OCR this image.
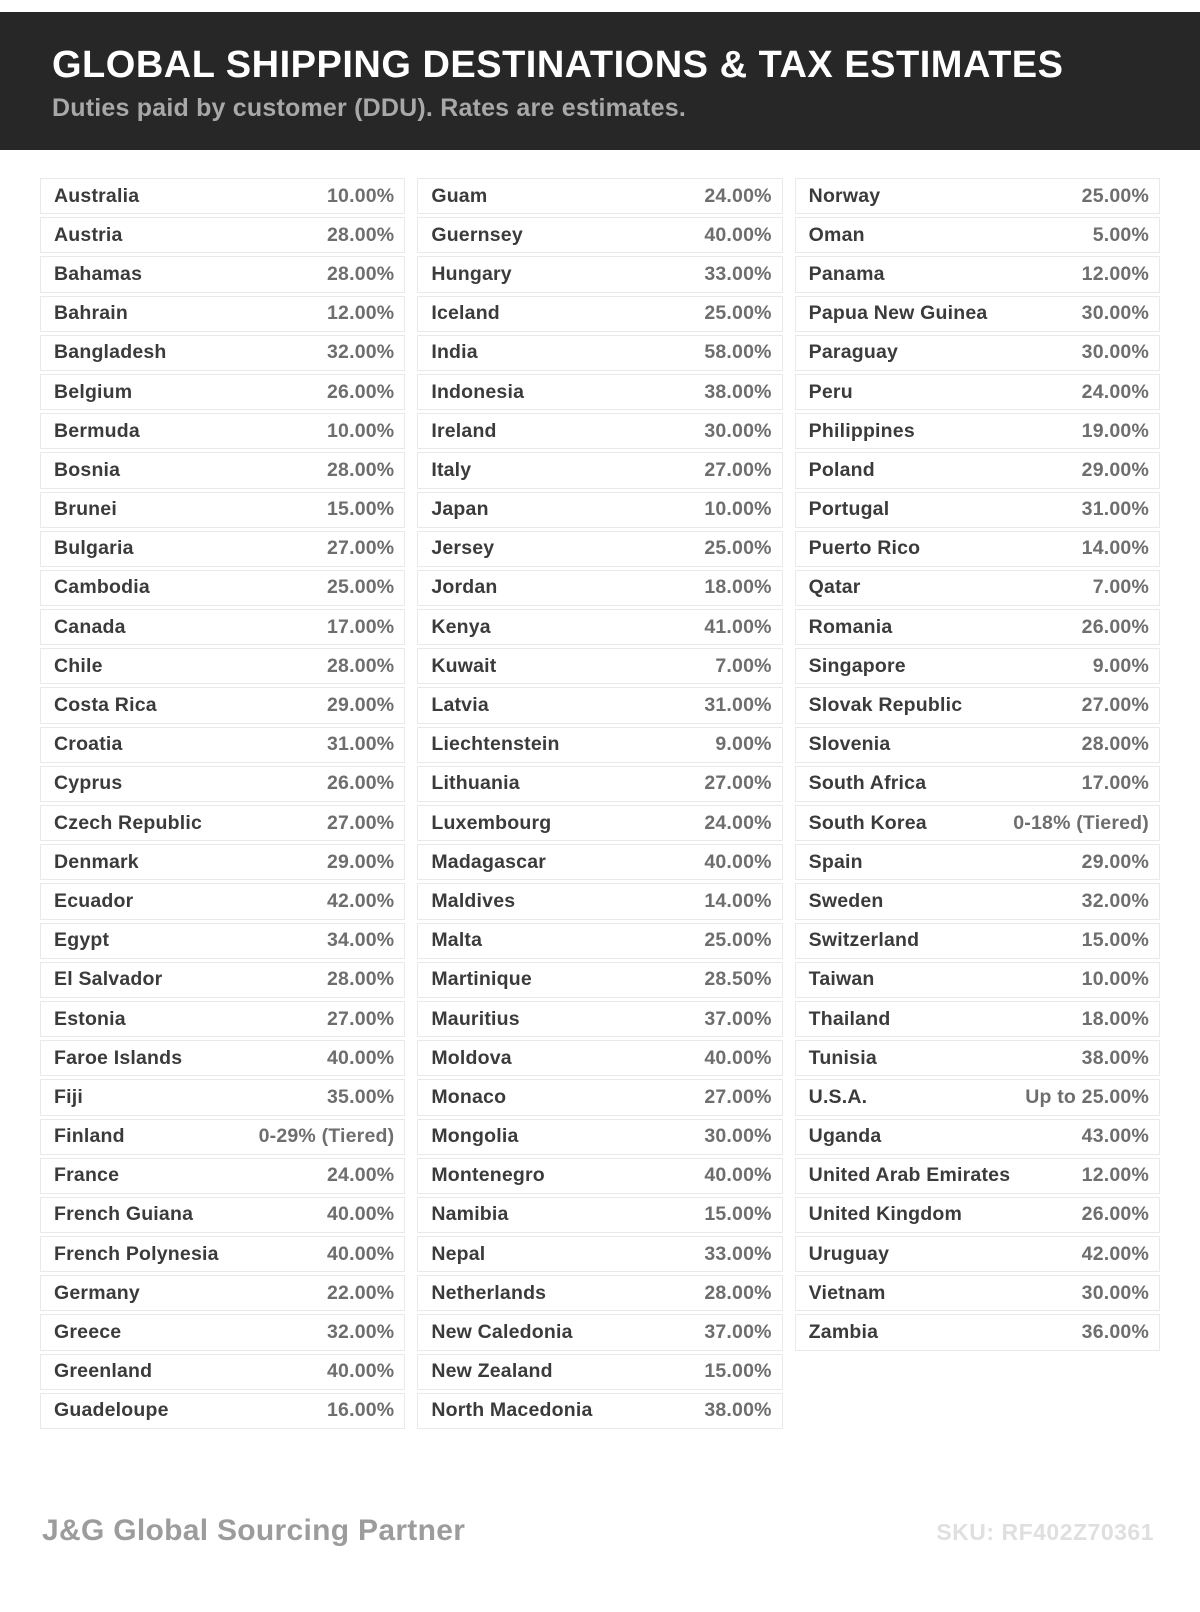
GLOBAL SHIPPING DESTINATIONS & TAX ESTIMATES
Duties paid by customer (DDU). Rates are estimates.
Australia	10.00%
Austria	28.00%
Bahamas	28.00%
Bahrain	12.00%
Bangladesh	32.00%
Belgium	26.00%
Bermuda	10.00%
Bosnia	28.00%
Brunei	15.00%
Bulgaria	27.00%
Cambodia	25.00%
Canada	17.00%
Chile	28.00%
Costa Rica	29.00%
Croatia	31.00%
Cyprus	26.00%
Czech Republic	27.00%
Denmark	29.00%
Ecuador	42.00%
Egypt	34.00%
El Salvador	28.00%
Estonia	27.00%
Faroe Islands	40.00%
Fiji	35.00%
Finland	0-29% (Tiered)
France	24.00%
French Guiana	40.00%
French Polynesia	40.00%
Germany	22.00%
Greece	32.00%
Greenland	40.00%
Guadeloupe	16.00%
Guam	24.00%
Guernsey	40.00%
Hungary	33.00%
Iceland	25.00%
India	58.00%
Indonesia	38.00%
Ireland	30.00%
Italy	27.00%
Japan	10.00%
Jersey	25.00%
Jordan	18.00%
Kenya	41.00%
Kuwait	7.00%
Latvia	31.00%
Liechtenstein	9.00%
Lithuania	27.00%
Luxembourg	24.00%
Madagascar	40.00%
Maldives	14.00%
Malta	25.00%
Martinique	28.50%
Mauritius	37.00%
Moldova	40.00%
Monaco	27.00%
Mongolia	30.00%
Montenegro	40.00%
Namibia	15.00%
Nepal	33.00%
Netherlands	28.00%
New Caledonia	37.00%
New Zealand	15.00%
North Macedonia	38.00%
Norway	25.00%
Oman	5.00%
Panama	12.00%
Papua New Guinea	30.00%
Paraguay	30.00%
Peru	24.00%
Philippines	19.00%
Poland	29.00%
Portugal	31.00%
Puerto Rico	14.00%
Qatar	7.00%
Romania	26.00%
Singapore	9.00%
Slovak Republic	27.00%
Slovenia	28.00%
South Africa	17.00%
South Korea	0-18% (Tiered)
Spain	29.00%
Sweden	32.00%
Switzerland	15.00%
Taiwan	10.00%
Thailand	18.00%
Tunisia	38.00%
U.S.A.	Up to 25.00%
Uganda	43.00%
United Arab Emirates	12.00%
United Kingdom	26.00%
Uruguay	42.00%
Vietnam	30.00%
Zambia	36.00%
J&G Global Sourcing Partner	SKU: RF402Z70361
